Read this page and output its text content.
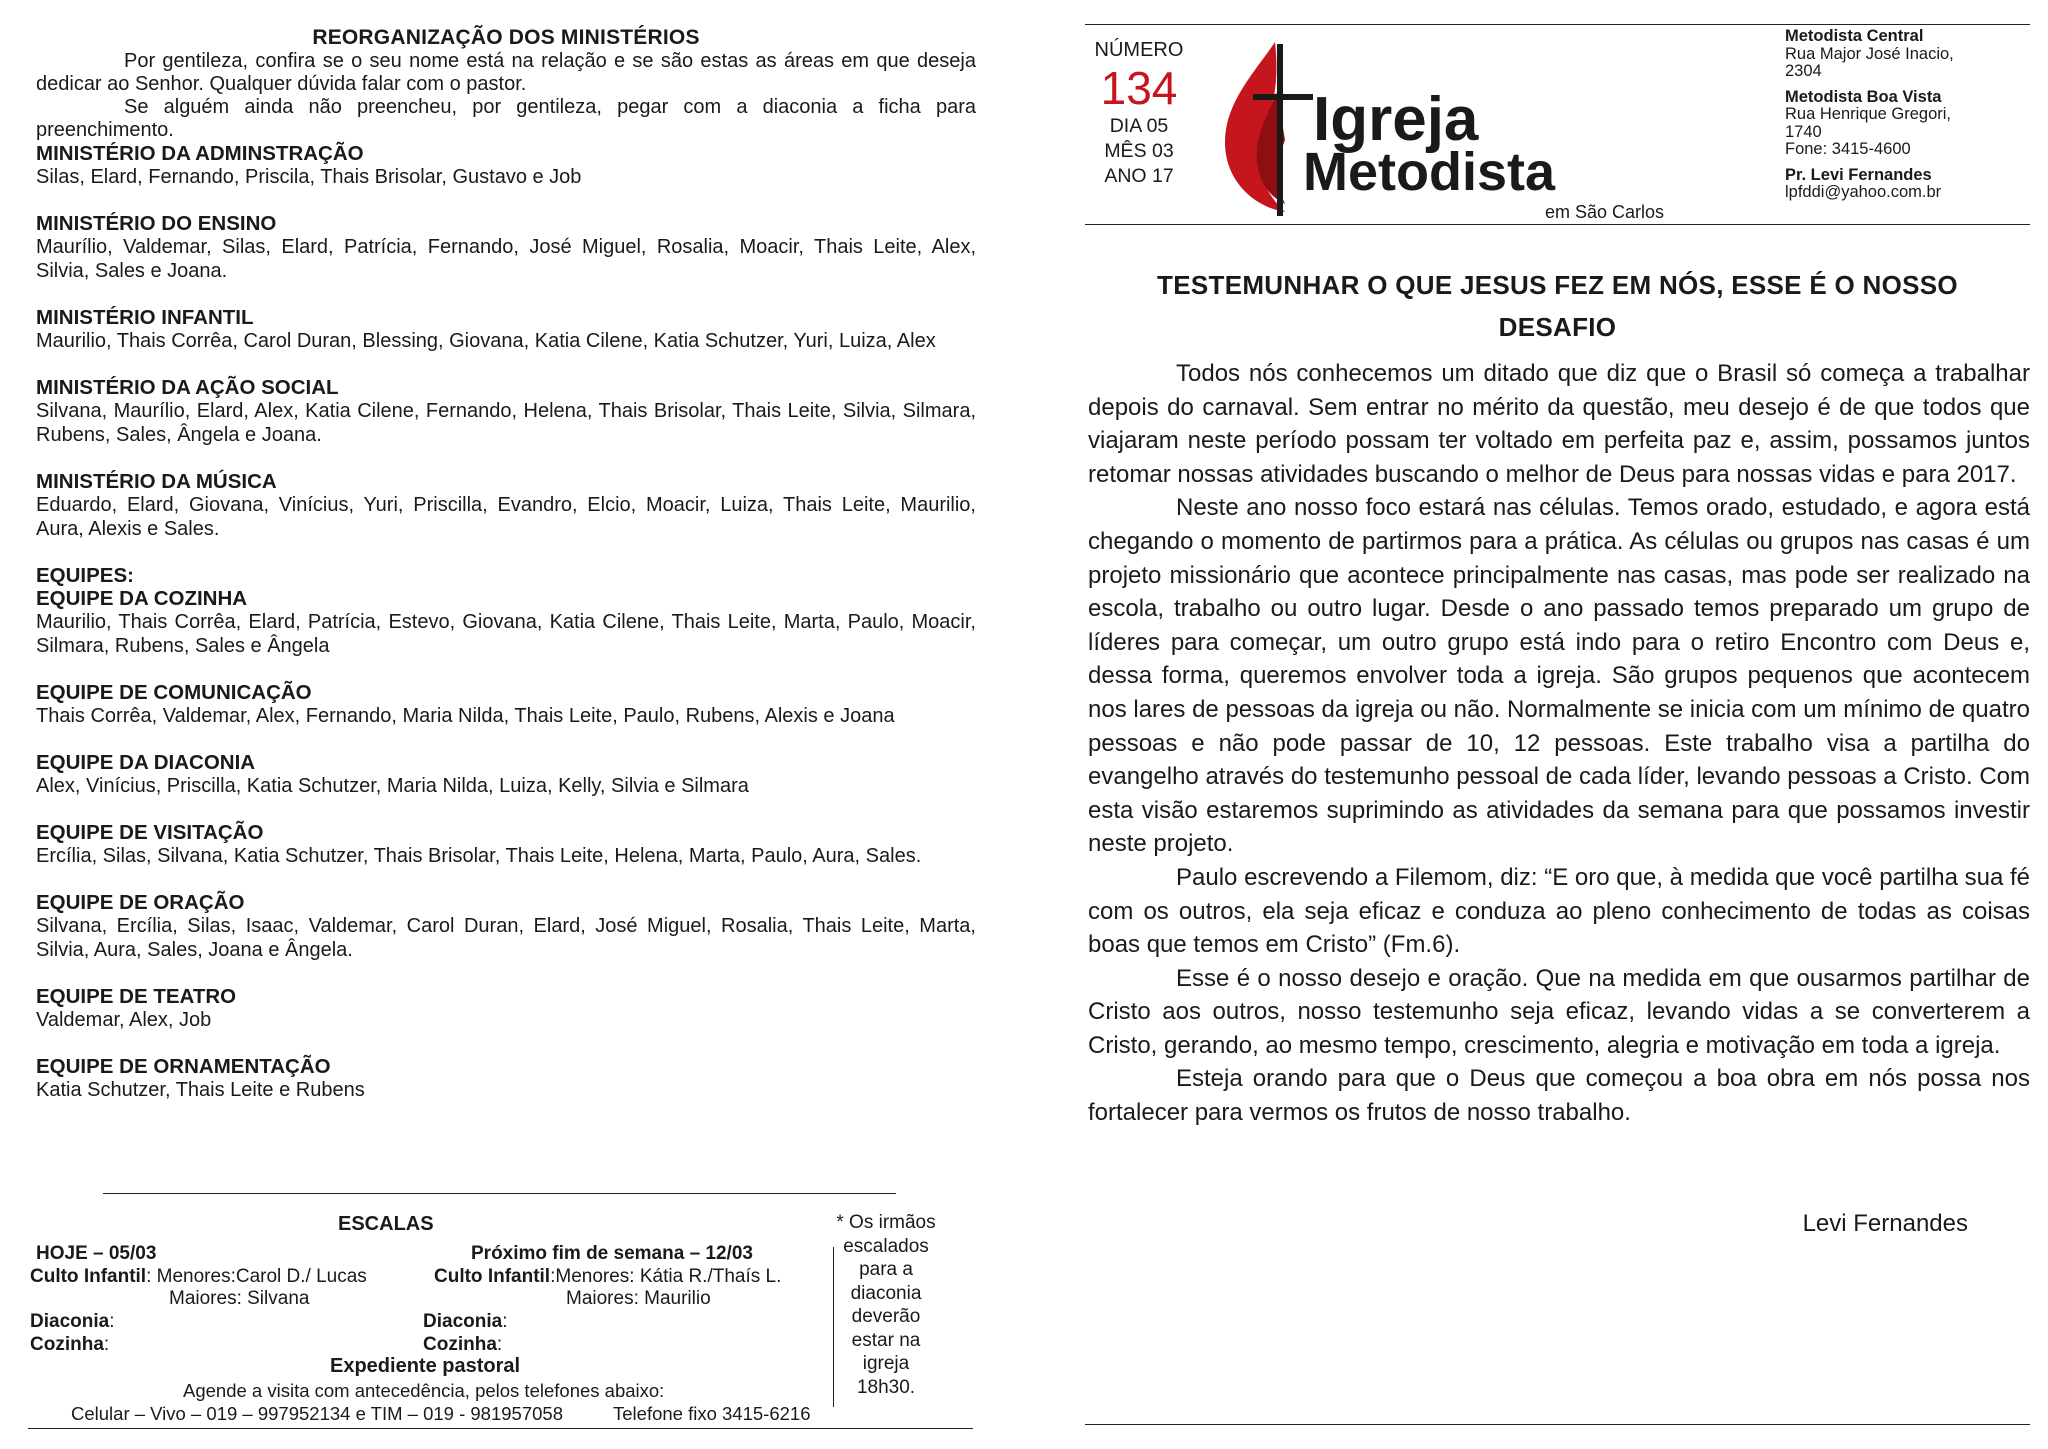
REORGANIZAÇÃO DOS MINISTÉRIOS

Por gentileza, confira se o seu nome está na relação e se são estas as áreas em que deseja dedicar ao Senhor. Qualquer dúvida falar com o pastor.

Se alguém ainda não preencheu, por gentileza, pegar com a diaconia a ficha para preenchimento.

MINISTÉRIO DA ADMINSTRAÇÃO
Silas, Elard, Fernando, Priscila, Thais Brisolar, Gustavo e Job
MINISTÉRIO DO ENSINO
Maurílio, Valdemar, Silas, Elard, Patrícia, Fernando, José Miguel, Rosalia, Moacir, Thais Leite, Alex, Silvia, Sales e Joana.
MINISTÉRIO INFANTIL
Maurilio, Thais Corrêa, Carol Duran, Blessing, Giovana, Katia Cilene, Katia Schutzer, Yuri, Luiza, Alex
MINISTÉRIO DA AÇÃO SOCIAL
Silvana, Maurílio, Elard, Alex, Katia Cilene, Fernando, Helena, Thais Brisolar, Thais Leite, Silvia, Silmara, Rubens, Sales, Ângela e Joana.
MINISTÉRIO DA MÚSICA
Eduardo, Elard, Giovana, Vinícius, Yuri, Priscilla, Evandro, Elcio, Moacir, Luiza, Thais Leite, Maurilio, Aura, Alexis e Sales.
EQUIPES:
EQUIPE DA COZINHA
Maurilio, Thais Corrêa, Elard, Patrícia, Estevo, Giovana, Katia Cilene, Thais Leite, Marta, Paulo, Moacir, Silmara, Rubens, Sales e Ângela
EQUIPE DE COMUNICAÇÃO
Thais Corrêa, Valdemar, Alex, Fernando, Maria Nilda, Thais Leite, Paulo, Rubens, Alexis e Joana
EQUIPE DA DIACONIA
Alex, Vinícius, Priscilla, Katia Schutzer, Maria Nilda, Luiza, Kelly, Silvia e Silmara
EQUIPE DE VISITAÇÃO
Ercília, Silas, Silvana, Katia Schutzer, Thais Brisolar, Thais Leite, Helena, Marta, Paulo, Aura, Sales.
EQUIPE DE ORAÇÃO
Silvana, Ercília, Silas, Isaac, Valdemar, Carol Duran, Elard, José Miguel, Rosalia, Thais Leite, Marta, Silvia, Aura, Sales, Joana e Ângela.
EQUIPE DE TEATRO
Valdemar, Alex, Job
EQUIPE DE ORNAMENTAÇÃO
Katia Schutzer, Thais Leite e Rubens
ESCALAS
HOJE – 05/03
Culto Infantil: Menores:Carol D./ Lucas
Maiores: Silvana
Diaconia:
Cozinha:
Próximo fim de semana – 12/03
Culto Infantil:Menores: Kátia R./Thaís L.
Maiores: Maurilio
Diaconia:
Cozinha:
Expediente pastoral
Agende a visita com antecedência, pelos telefones abaixo:
Celular – Vivo – 019 – 997952134 e TIM – 019 - 981957058	Telefone fixo 3415-6216
* Os irmãos escalados para a diaconia deverão estar na igreja 18h30.
NÚMERO
134
DIA 05
MÊS 03
ANO 17
Igreja
Metodista
em São Carlos
Metodista Central
Rua Major José Inacio,
2304
Metodista Boa Vista
Rua Henrique Gregori,
1740
Fone: 3415-4600
Pr. Levi Fernandes
lpfddi@yahoo.com.br
TESTEMUNHAR O QUE JESUS FEZ EM NÓS, ESSE É O NOSSO
DESAFIO

Todos nós conhecemos um ditado que diz que o Brasil só começa a trabalhar depois do carnaval. Sem entrar no mérito da questão, meu desejo é de que todos que viajaram neste período possam ter voltado em perfeita paz e, assim, possamos juntos retomar nossas atividades buscando o melhor de Deus para nossas vidas e para 2017.

Neste ano nosso foco estará nas células. Temos orado, estudado, e agora está chegando o momento de partirmos para a prática. As células ou grupos nas casas é um projeto missionário que acontece principalmente nas casas, mas pode ser realizado na escola, trabalho ou outro lugar. Desde o ano passado temos preparado um grupo de líderes para começar, um outro grupo está indo para o retiro Encontro com Deus e, dessa forma, queremos envolver toda a igreja. São grupos pequenos que acontecem nos lares de pessoas da igreja ou não. Normalmente se inicia com um mínimo de quatro pessoas e não pode passar de 10, 12 pessoas. Este trabalho visa a partilha do evangelho através do testemunho pessoal de cada líder, levando pessoas a Cristo. Com esta visão estaremos suprimindo as atividades da semana para que possamos investir neste projeto.

Paulo escrevendo a Filemom, diz: “E oro que, à medida que você partilha sua fé com os outros, ela seja eficaz e conduza ao pleno conhecimento de todas as coisas boas que temos em Cristo” (Fm.6).

Esse é o nosso desejo e oração. Que na medida em que ousarmos partilhar de Cristo aos outros, nosso testemunho seja eficaz, levando vidas a se converterem a Cristo, gerando, ao mesmo tempo, crescimento, alegria e motivação em toda a igreja.

Esteja orando para que o Deus que começou a boa obra em nós possa nos fortalecer para vermos os frutos de nosso trabalho.

Levi Fernandes
